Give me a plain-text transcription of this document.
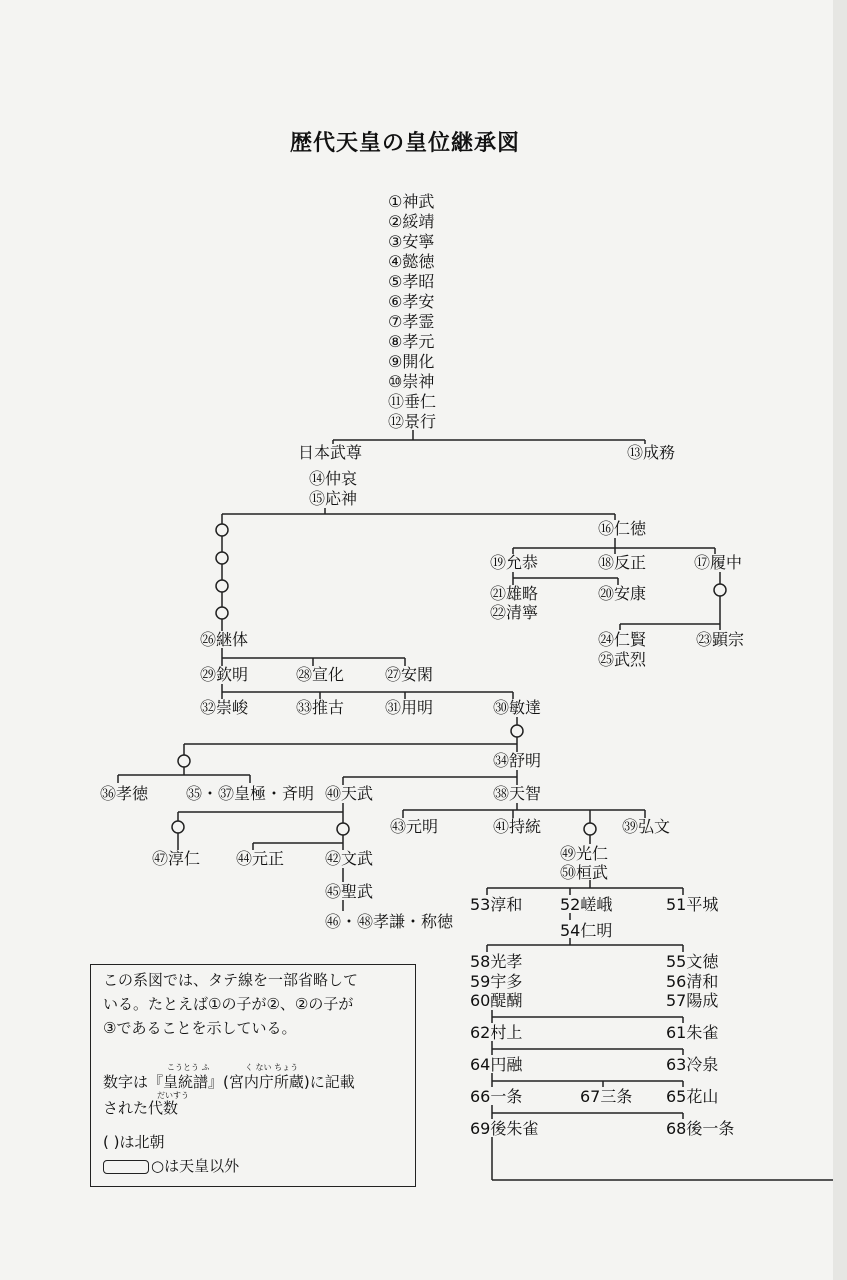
歴代天皇の皇位継承図
①神武
②綏靖
③安寧
④懿徳
⑤孝昭
⑥孝安
⑦孝霊
⑧孝元
⑨開化
⑩崇神
⑪垂仁
⑫景行
日本武尊	⑬成務
⑭仲哀
⑮応神
⑯仁徳
⑲允恭	⑱反正	⑰履中
㉑雄略
㉒清寧
⑳安康
㉔仁賢
㉕武烈
㉓顕宗
㉖継体
㉙欽明	㉘宣化	㉗安閑
㉜崇峻	㉝推古	㉛用明	㉚敏達
㉞舒明
㊱孝徳 ㉟・㊲皇極・斉明 ㊵天武	㊳天智
㊸元明	㊶持統	㊴弘文
㊼淳仁 ㊹元正	㊷文武
㊺聖武
㊻・㊽孝謙・称徳
㊾光仁
㊿桓武
53淳和 52嵯峨	51平城
54仁明
58光孝
59宇多
60醍醐
55文徳
56清和
57陽成
62村上	61朱雀
64円融	63冷泉
66一条	67三条 65花山
69後朱雀	68後一条
この系図では、タテ線を一部省略して
いる。たとえば①の子が②、②の子が
③であることを示している。
こうとう ふ	く ない ちょう
数字は『皇統譜』(宮内庁所蔵)に記載
された代数
だいすう
( )は北朝
○は天皇以外
